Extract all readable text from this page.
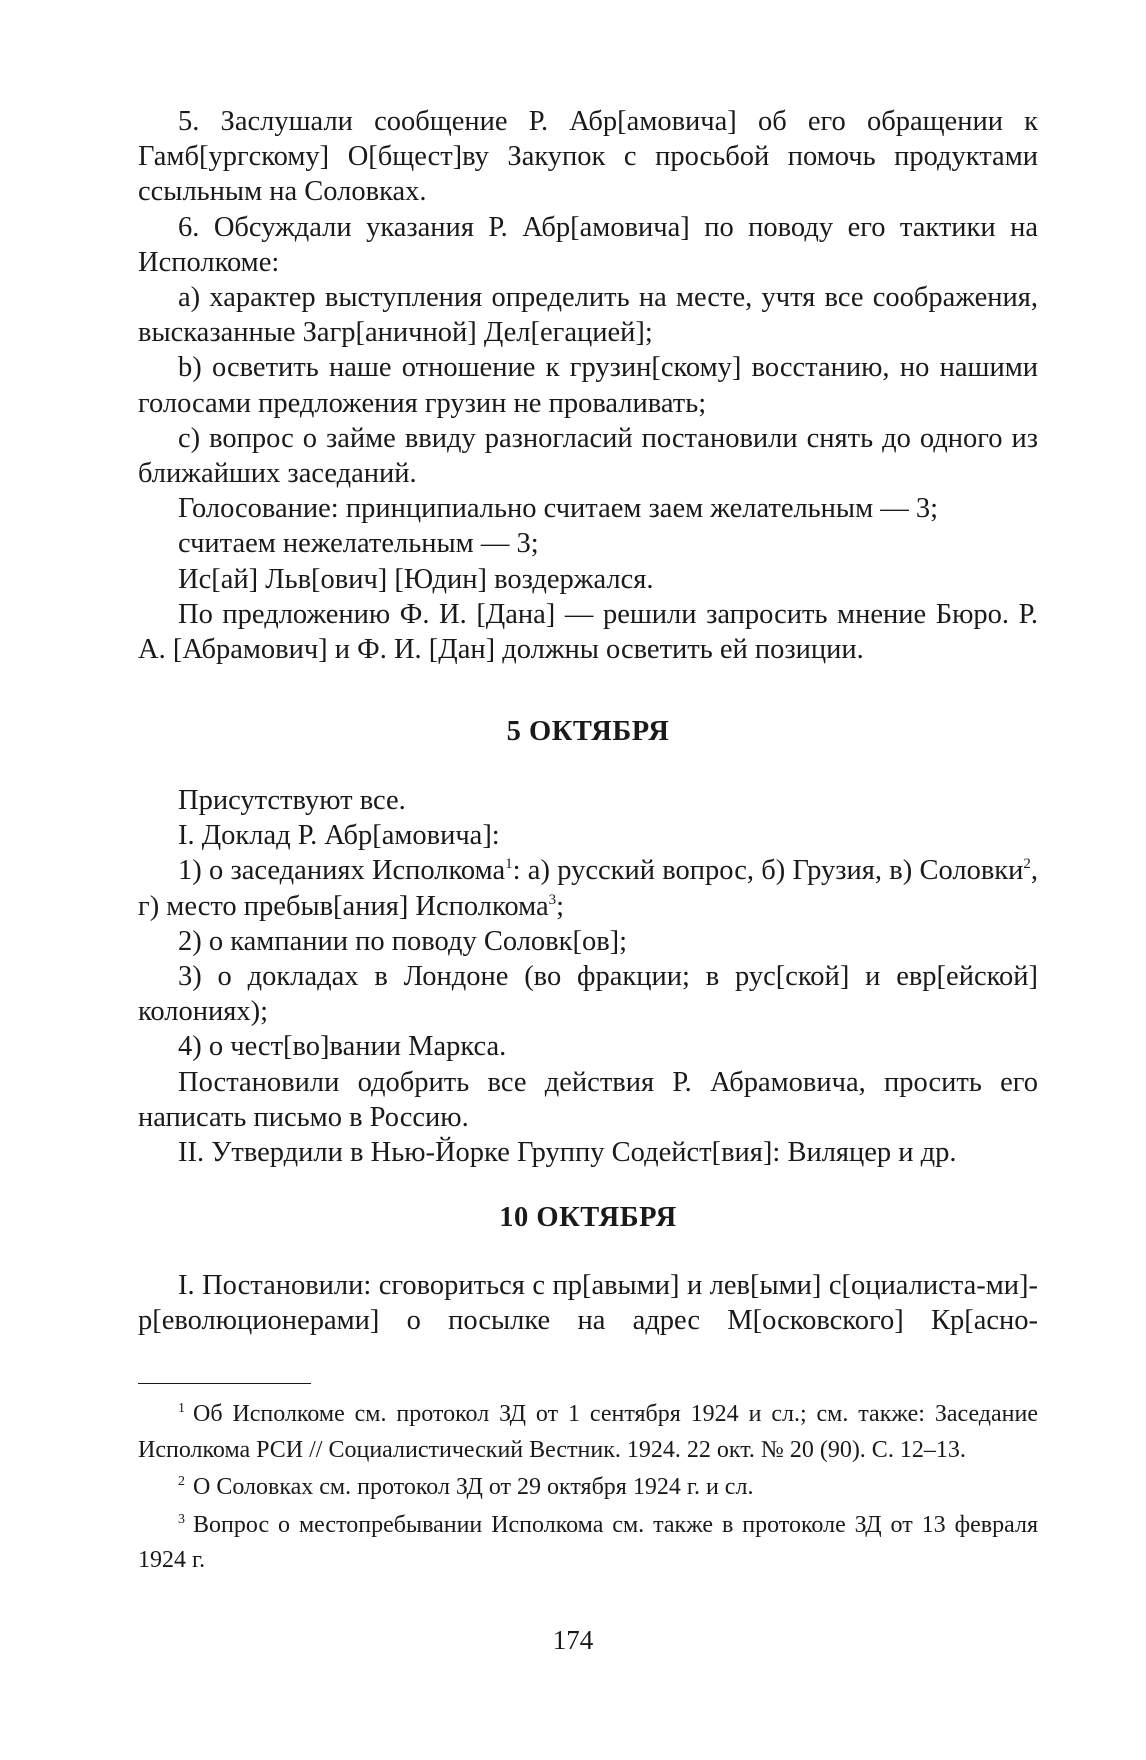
5. Заслушали сообщение Р. Абр[амовича] об его обращении к Гамб[ургскому] О[бщест]ву Закупок с просьбой помочь продуктами ссыльным на Соловках.

6. Обсуждали указания Р. Абр[амовича] по поводу его тактики на Исполкоме:

a) характер выступления определить на месте, учтя все соображения, высказанные Загр[аничной] Дел[егацией];

b) осветить наше отношение к грузин[скому] восстанию, но нашими голосами предложения грузин не проваливать;

c) вопрос о займе ввиду разногласий постановили снять до одного из ближайших заседаний.

Голосование: принципиально считаем заем желательным — 3;

считаем нежелательным — 3;

Ис[ай] Льв[ович] [Юдин] воздержался.

По предложению Ф. И. [Дана] — решили запросить мнение Бюро. Р. А. [Абрамович] и Ф. И. [Дан] должны осветить ей позиции.

5 ОКТЯБРЯ

Присутствуют все.

I. Доклад Р. Абр[амовича]:

1) о заседаниях Исполкома$^1$: а) русский вопрос, б) Грузия, в) Соловки$^2$, г) место пребыв[ания] Исполкома$^3$;

2) о кампании по поводу Соловк[ов];

3) о докладах в Лондоне (во фракции; в рус[ской] и евр[ейской] колониях);

4) о чест[во]вании Маркса.

Постановили одобрить все действия Р. Абрамовича, просить его написать письмо в Россию.

II. Утвердили в Нью-Йорке Группу Содейст[вия]: Виляцер и др.

10 ОКТЯБРЯ

I. Постановили: сговориться с пр[авыми] и лев[ыми] с[оциалиста-ми]-р[еволюционерами] о посылке на адрес М[осковского] Кр[асно-

$^1$ Об Исполкоме см. протокол ЗД от 1 сентября 1924 и сл.; см. также: Заседание Исполкома РСИ // Социалистический Вестник. 1924. 22 окт. № 20 (90). С. 12–13.

$^2$ О Соловках см. протокол ЗД от 29 октября 1924 г. и сл.

$^3$ Вопрос о местопребывании Исполкома см. также в протоколе ЗД от 13 февраля 1924 г.

174
